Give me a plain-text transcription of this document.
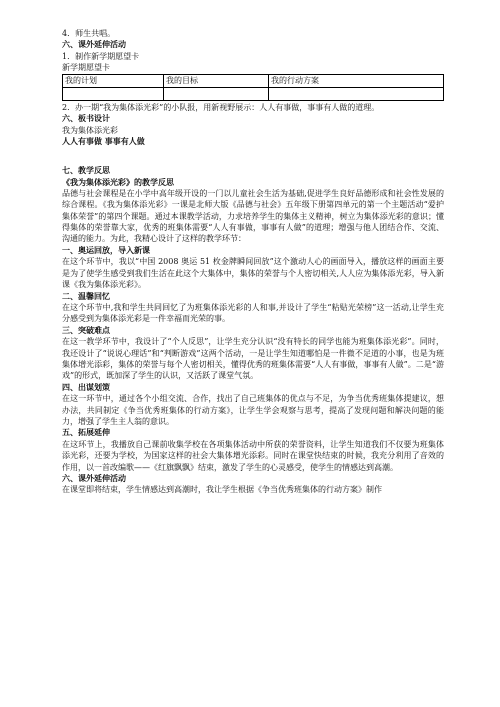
4．师生共唱。
六、课外延伸活动
1．制作新学期愿望卡
新学期愿望卡
我的计划	我的目标	我的行动方案

2．办一期“我为集体添光彩”的小队报，用新视野展示：人人有事做，事事有人做的道理。
六、板书设计
我为集体添光彩
人人有事做 事事有人做
七、教学反思
《我为集体添光彩》的教学反思
品德与社会课程是在小学中高年级开设的一门以儿童社会生活为基础,促进学生良好品德形成和社会性发展的综合课程。《我为集体添光彩》一课是北师大版《品德与社会》五年级下册第四单元的第一个主题活动“爱护集体荣誉”的第四个课题。通过本课教学活动，力求培养学生的集体主义精神，树立为集体添光彩的意识；懂得集体的荣誉靠大家，优秀的班集体需要“人人有事做，事事有人做”的道理；增强与他人团结合作、交流、沟通的能力。为此，我精心设计了这样的教学环节：
一、奥运回放，导入新课
在这个环节中，我以“中国 2008 奥运 51 枚金牌瞬间回放”这个激动人心的画面导入，播放这样的画面主要是为了使学生感受到我们生活在此这个大集体中，集体的荣誉与个人密切相关,人人应为集体添光彩，导入新课《我为集体添光彩》。
二、温馨回忆
在这个环节中,我和学生共同回忆了为班集体添光彩的人和事,并设计了学生“粘贴光荣榜”这一活动,让学生充分感受到为集体添光彩是一件幸福而光荣的事。
三、突破难点
在这一教学环节中，我设计了“个人反思”，让学生充分认识“没有特长的同学也能为班集体添光彩”。同时，我还设计了“说说心理话”和“判断游戏”这两个活动，一是让学生知道哪怕是一件微不足道的小事，也是为班集体增光添彩，集体的荣誉与每个人密切相关，懂得优秀的班集体需要“人人有事做，事事有人做”。二是“游戏”的形式，既加深了学生的认识，又活跃了课堂气氛。
四、出谋划策
在这一环节中，通过各个小组交流、合作，找出了自己班集体的优点与不足，为争当优秀班集体提建议，想办法，共同制定《争当优秀班集体的行动方案》，让学生学会观察与思考，提高了发现问题和解决问题的能力，增强了学生主人翁的意识。
五、拓展延伸
在这环节上，我播放自己课前收集学校在各项集体活动中所获的荣誉资料，让学生知道我们不仅要为班集体添光彩，还要为学校，为国家这样的社会大集体增光添彩。同时在课堂快结束的时候，我充分利用了音效的作用，以一首改编歌——《红旗飘飘》结束，激发了学生的心灵感受，使学生的情感达到高潮。
六、课外延伸活动
在课堂即将结束，学生情感达到高潮时，我让学生根据《争当优秀班集体的行动方案》制作
